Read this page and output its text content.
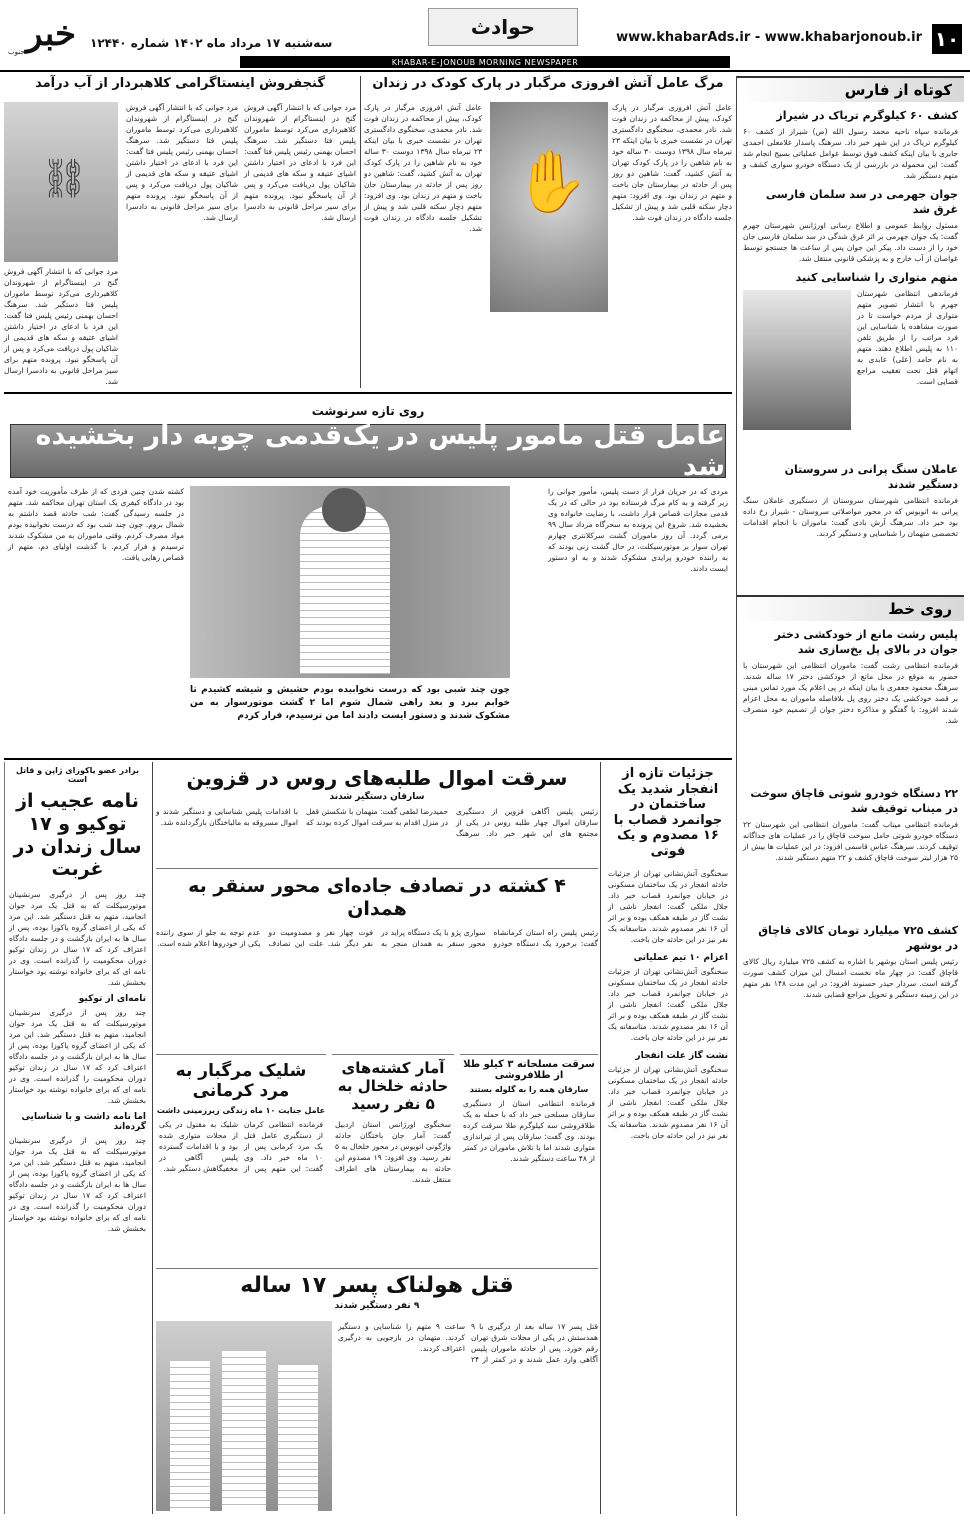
۱۰
www.khabarAds.ir - www.khabarjonoub.ir
حوادث
سه‌شنبه ۱۷ مرداد ماه ۱۴۰۲ شماره ۱۲۴۴۰
خبر
جنوب
KHABAR-E-JONOUB MORNING NEWSPAPER
کوتاه از فارس
کشف ۶۰ کیلوگرم تریاک در شیراز
فرمانده سپاه ناحیه محمد رسول الله (ص) شیراز از کشف ۶۰ کیلوگرم تریاک در این شهر خبر داد. سرهنگ پاسدار غلامعلی احمدی جابری با بیان اینکه کشف فوق توسط عوامل عملیاتی بسیج انجام شد گفت: این محموله در بازرسی از یک دستگاه خودرو سواری کشف و متهم دستگیر شد.
جوان جهرمی در سد سلمان فارسی غرق شد
مسئول روابط عمومی و اطلاع رسانی اورژانس شهرستان جهرم گفت: یک جوان جهرمی بر اثر غرق شدگی در سد سلمان فارسی جان خود را از دست داد. پیکر این جوان پس از ساعت ها جستجو توسط غواصان از آب خارج و به پزشکی قانونی منتقل شد.
متهم متواری را شناسایی کنید
فرماندهی انتظامی شهرستان جهرم با انتشار تصویر متهم متواری از مردم خواست تا در صورت مشاهده یا شناسایی این فرد مراتب را از طریق تلفن ۱۱۰ به پلیس اطلاع دهند. متهم به نام حامد (علی) عابدی به اتهام قتل تحت تعقیب مراجع قضایی است.
عاملان سنگ پرانی در سروستان دستگیر شدند
فرمانده انتظامی شهرستان سروستان از دستگیری عاملان سنگ پرانی به اتوبوس که در محور مواصلاتی سروستان - شیراز رخ داده بود خبر داد. سرهنگ آرش بادی گفت: ماموران با انجام اقدامات تخصصی متهمان را شناسایی و دستگیر کردند.
روی خط
پلیس رشت مانع از خودکشی دختر جوان در بالای پل یخ‌سازی شد
فرمانده انتظامی رشت گفت: ماموران انتظامی این شهرستان با حضور به موقع در محل مانع از خودکشی دختر ۱۷ ساله شدند. سرهنگ محمود جعفری با بیان اینکه در پی اعلام یک مورد تماس مبنی بر قصد خودکشی یک دختر روی پل بلافاصله ماموران به محل اعزام شدند افزود: با گفتگو و مذاکره دختر جوان از تصمیم خود منصرف شد.
۲۲ دستگاه خودرو شوتی قاچاق سوخت در میناب توقیف شد
فرمانده انتظامی میناب گفت: ماموران انتظامی این شهرستان ۲۲ دستگاه خودرو شوتی حامل سوخت قاچاق را در عملیات های جداگانه توقیف کردند. سرهنگ عباس قاسمی افزود: در این عملیات ها بیش از ۲۵ هزار لیتر سوخت قاچاق کشف و ۲۲ متهم دستگیر شدند.
کشف ۷۲۵ میلیارد تومان کالای قاچاق در بوشهر
رئیس پلیس استان بوشهر با اشاره به کشف ۷۲۵ میلیارد ریال کالای قاچاق گفت: در چهار ماه نخست امسال این میزان کشف صورت گرفته است. سردار حیدر حسنوند افزود: در این مدت ۱۴۸ نفر متهم در این زمینه دستگیر و تحویل مراجع قضایی شدند.
مرگ عامل آتش افروزی مرگبار در پارک کودک در زندان
عامل آتش افروزی مرگبار در پارک کودک، پیش از محاکمه در زندان فوت شد. نادر محمدی، سخنگوی دادگستری تهران در نشست خبری با بیان اینکه ۲۳ تیرماه سال ۱۳۹۸ دوست ۳۰ ساله خود به نام شاهین را در پارک کودک تهران به آتش کشید، گفت: شاهین دو روز پس از حادثه در بیمارستان جان باخت و متهم در زندان بود. وی افزود: متهم دچار سکته قلبی شد و پیش از تشکیل جلسه دادگاه در زندان فوت شد.
✋
عامل آتش افروزی مرگبار در پارک کودک، پیش از محاکمه در زندان فوت شد. نادر محمدی، سخنگوی دادگستری تهران در نشست خبری با بیان اینکه ۲۳ تیرماه سال ۱۳۹۸ دوست ۳۰ ساله خود به نام شاهین را در پارک کودک تهران به آتش کشید، گفت: شاهین دو روز پس از حادثه در بیمارستان جان باخت و متهم در زندان بود. وی افزود: متهم دچار سکته قلبی شد و پیش از تشکیل جلسه دادگاه در زندان فوت شد.
گنجفروش اینستاگرامی کلاهبردار از آب درآمد
مرد جوانی که با انتشار آگهی فروش گنج در اینستاگرام از شهروندان کلاهبرداری می‌کرد توسط ماموران پلیس فتا دستگیر شد. سرهنگ احسان بهمنی رئیس پلیس فتا گفت: این فرد با ادعای در اختیار داشتن اشیای عتیقه و سکه های قدیمی از شاکیان پول دریافت می‌کرد و پس از آن پاسخگو نبود. پرونده متهم برای سیر مراحل قانونی به دادسرا ارسال شد.
مرد جوانی که با انتشار آگهی فروش گنج در اینستاگرام از شهروندان کلاهبرداری می‌کرد توسط ماموران پلیس فتا دستگیر شد. سرهنگ احسان بهمنی رئیس پلیس فتا گفت: این فرد با ادعای در اختیار داشتن اشیای عتیقه و سکه های قدیمی از شاکیان پول دریافت می‌کرد و پس از آن پاسخگو نبود. پرونده متهم برای سیر مراحل قانونی به دادسرا ارسال شد.
⛓
مرد جوانی که با انتشار آگهی فروش گنج در اینستاگرام از شهروندان کلاهبرداری می‌کرد توسط ماموران پلیس فتا دستگیر شد. سرهنگ احسان بهمنی رئیس پلیس فتا گفت: این فرد با ادعای در اختیار داشتن اشیای عتیقه و سکه های قدیمی از شاکیان پول دریافت می‌کرد و پس از آن پاسخگو نبود. پرونده متهم برای سیر مراحل قانونی به دادسرا ارسال شد.
روی تازه سرنوشت
عامل قتل مأمور پلیس در یک‌قدمی چوبه دار بخشیده شد
مردی که در جریان فرار از دست پلیس، مأمور جوانی را زیر گرفته و به کام مرگ فرستاده بود در حالی که در یک قدمی مجازات قصاص قرار داشت، با رضایت خانواده وی بخشیده شد. شروع این پرونده به سحرگاه مرداد سال ۹۹ برمی گردد. آن روز ماموران گشت سرکلانتری چهارم تهران سوار بر موتورسیکلت، در حال گشت زنی بودند که به راننده خودرو پرایدی مشکوک شدند و به او دستور ایست دادند.
چون چند شبی بود که درست نخوابیده بودم حشیش و شیشه کشیدم تا خوابم ببرد و بعد راهی شمال شوم اما ۲ گشت موتورسوار به من مشکوک شدند و دستور ایست دادند اما من ترسیدم، فرار کردم
کشته شدن چنین فردی که از طرف مأموریت خود آمده بود در دادگاه کیفری یک استان تهران محاکمه شد. متهم در جلسه رسیدگی گفت: شب حادثه قصد داشتم به شمال بروم. چون چند شب بود که درست نخوابیده بودم مواد مصرف کردم. وقتی ماموران به من مشکوک شدند ترسیدم و فرار کردم. با گذشت اولیای دم، متهم از قصاص رهایی یافت.
برادر عضو یاکوزای ژاپن و قاتل است
نامه عجیب از توکیو و ۱۷ سال زندان در غربت
چند روز پس از درگیری سرنشینان موتورسیکلت که به قتل یک مرد جوان انجامید، متهم به قتل دستگیر شد. این مرد که یکی از اعضای گروه یاکوزا بوده، پس از سال ها به ایران بازگشت و در جلسه دادگاه اعتراف کرد که ۱۷ سال در زندان توکیو دوران محکومیت را گذرانده است. وی در نامه ای که برای خانواده نوشته بود خواستار بخشش شد.
نامه‌ای از توکیو
چند روز پس از درگیری سرنشینان موتورسیکلت که به قتل یک مرد جوان انجامید، متهم به قتل دستگیر شد. این مرد که یکی از اعضای گروه یاکوزا بوده، پس از سال ها به ایران بازگشت و در جلسه دادگاه اعتراف کرد که ۱۷ سال در زندان توکیو دوران محکومیت را گذرانده است. وی در نامه ای که برای خانواده نوشته بود خواستار بخشش شد.
اما نامه داشت و با شناسایی گرده‌اند
چند روز پس از درگیری سرنشینان موتورسیکلت که به قتل یک مرد جوان انجامید، متهم به قتل دستگیر شد. این مرد که یکی از اعضای گروه یاکوزا بوده، پس از سال ها به ایران بازگشت و در جلسه دادگاه اعتراف کرد که ۱۷ سال در زندان توکیو دوران محکومیت را گذرانده است. وی در نامه ای که برای خانواده نوشته بود خواستار بخشش شد.
جزئیات تازه از انفجار شدید یک ساختمان در جوانمرد قصاب با ۱۶ مصدوم و یک فوتی
سخنگوی آتش‌نشانی تهران از جزئیات حادثه انفجار در یک ساختمان مسکونی در خیابان جوانمرد قصاب خبر داد. جلال ملکی گفت: انفجار ناشی از نشت گاز در طبقه همکف بوده و بر اثر آن ۱۶ نفر مصدوم شدند. متاسفانه یک نفر نیز در این حادثه جان باخت.
اعزام ۱۰ تیم عملیاتی
سخنگوی آتش‌نشانی تهران از جزئیات حادثه انفجار در یک ساختمان مسکونی در خیابان جوانمرد قصاب خبر داد. جلال ملکی گفت: انفجار ناشی از نشت گاز در طبقه همکف بوده و بر اثر آن ۱۶ نفر مصدوم شدند. متاسفانه یک نفر نیز در این حادثه جان باخت.
نشت گاز علت انفجار
سخنگوی آتش‌نشانی تهران از جزئیات حادثه انفجار در یک ساختمان مسکونی در خیابان جوانمرد قصاب خبر داد. جلال ملکی گفت: انفجار ناشی از نشت گاز در طبقه همکف بوده و بر اثر آن ۱۶ نفر مصدوم شدند. متاسفانه یک نفر نیز در این حادثه جان باخت.
سرقت اموال طلبه‌های روس در قزوین
سارقان دستگیر شدند
رئیس پلیس آگاهی قزوین از دستگیری سارقان اموال چهار طلبه روس در یکی از مجتمع های این شهر خبر داد. سرهنگ حمیدرضا لطفی گفت: متهمان با شکستن قفل در منزل اقدام به سرقت اموال کرده بودند که با اقدامات پلیس شناسایی و دستگیر شدند و اموال مسروقه به مالباختگان بازگردانده شد.
۴ کشته در تصادف جاده‌ای محور سنقر به همدان
رئیس پلیس راه استان کرمانشاه گفت: برخورد یک دستگاه خودرو سواری پژو با یک دستگاه پراید در محور سنقر به همدان منجر به فوت چهار نفر و مصدومیت دو نفر دیگر شد. علت این تصادف عدم توجه به جلو از سوی راننده یکی از خودروها اعلام شده است.
سرقت مسلحانه ۳ کیلو طلا از طلافروشی
سارقان همه را به گلوله بستند
فرمانده انتظامی استان از دستگیری سارقان مسلحی خبر داد که با حمله به یک طلافروشی سه کیلوگرم طلا سرقت کرده بودند. وی گفت: سارقان پس از تیراندازی متواری شدند اما با تلاش ماموران در کمتر از ۴۸ ساعت دستگیر شدند.
آمار کشته‌های حادثه خلخال به ۵ نفر رسید
سخنگوی اورژانس استان اردبیل گفت: آمار جان باختگان حادثه واژگونی اتوبوس در محور خلخال به ۵ نفر رسید. وی افزود: ۱۹ مصدوم این حادثه به بیمارستان های اطراف منتقل شدند.
شلیک مرگبار به مرد کرمانی
عامل جنایت ۱۰ ماه زندگی زیرزمینی داشت
فرمانده انتظامی کرمان از دستگیری عامل قتل یک مرد کرمانی پس از ۱۰ ماه خبر داد. وی گفت: این متهم پس از شلیک به مقتول در یکی از محلات متواری شده بود و با اقدامات گسترده پلیس آگاهی در مخفیگاهش دستگیر شد.
قتل هولناک پسر ۱۷ ساله
۹ نفر دستگیر شدند
قتل پسر ۱۷ ساله بعد از درگیری با ۹ همدستش در یکی از محلات شرق تهران رقم خورد. پس از حادثه ماموران پلیس آگاهی وارد عمل شدند و در کمتر از ۲۴ ساعت ۹ متهم را شناسایی و دستگیر کردند. متهمان در بازجویی به درگیری اعتراف کردند.
